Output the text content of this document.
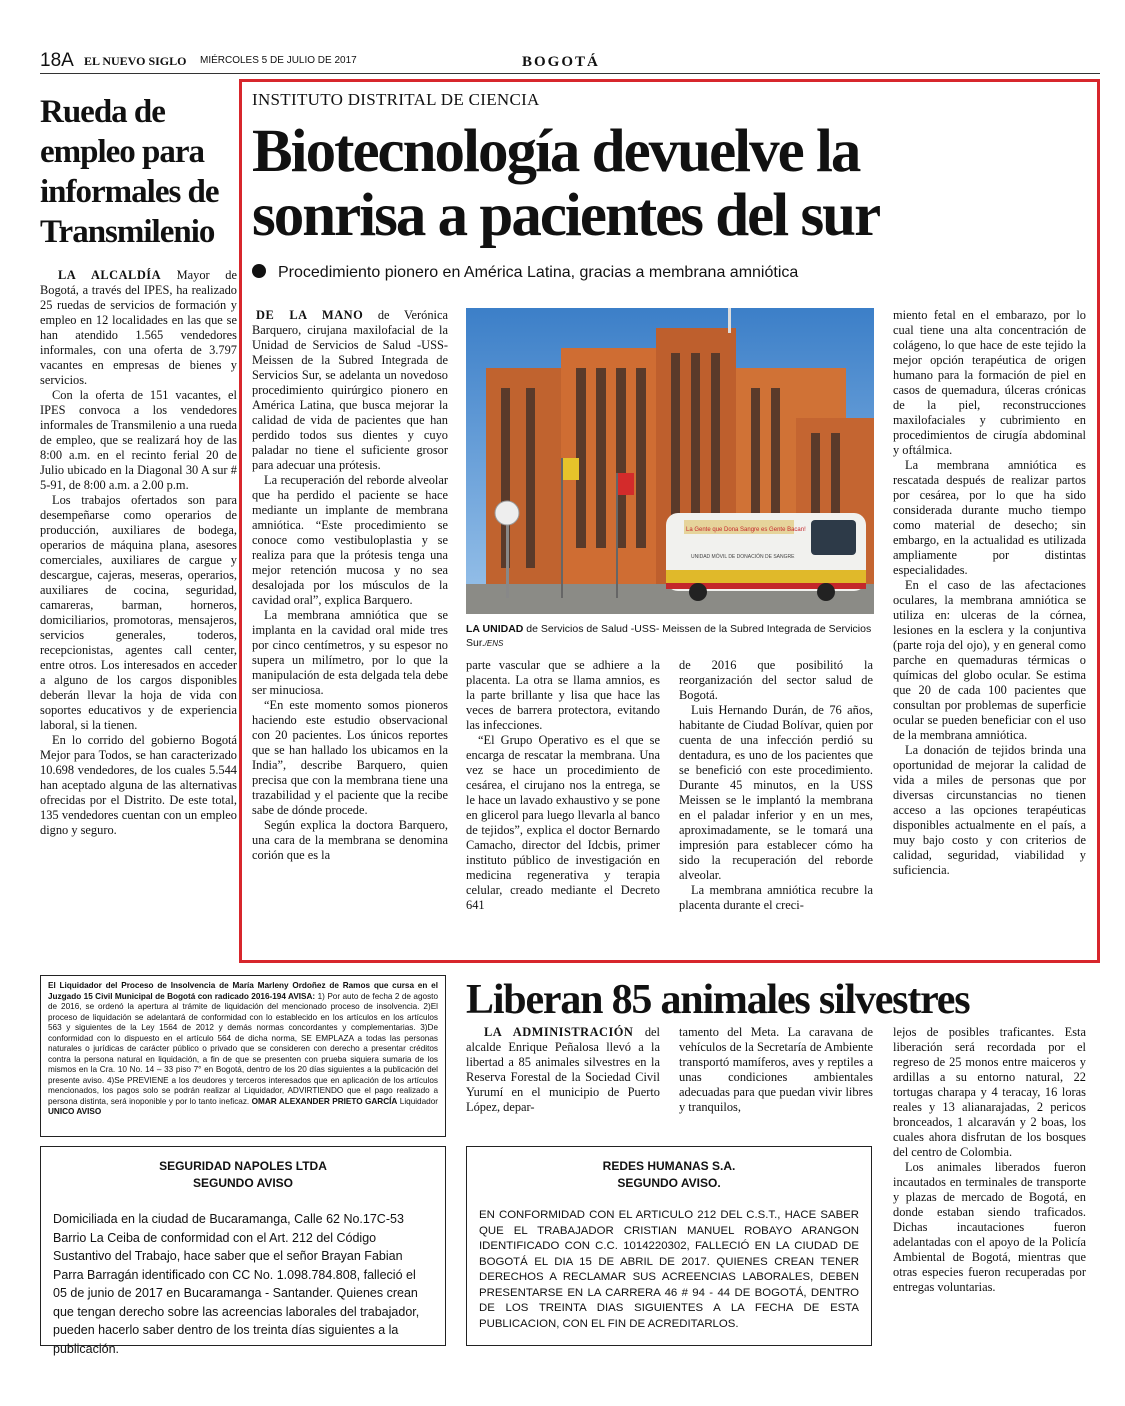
18A EL NUEVO SIGLO MIÉRCOLES 5 DE JULIO DE 2017	BOGOTÁ
Rueda de empleo para informales de Transmilenio

LA ALCALDÍA Mayor de Bogotá, a través del IPES, ha realizado 25 ruedas de servicios de formación y empleo en 12 localidades en las que se han atendido 1.565 vendedores informales, con una oferta de 3.797 vacantes en empresas de bienes y servicios.

Con la oferta de 151 vacantes, el IPES convoca a los vendedores informales de Transmilenio a una rueda de empleo, que se realizará hoy de las 8:00 a.m. en el recinto ferial 20 de Julio ubicado en la Diagonal 30 A sur # 5-91, de 8:00 a.m. a 2.00 p.m.

Los trabajos ofertados son para desempeñarse como operarios de producción, auxiliares de bodega, operarios de máquina plana, asesores comerciales, auxiliares de cargue y descargue, cajeras, meseras, operarios, auxiliares de cocina, seguridad, camareras, barman, horneros, domiciliarios, promotoras, mensajeros, servicios generales, toderos, recepcionistas, agentes call center, entre otros. Los interesados en acceder a alguno de los cargos disponibles deberán llevar la hoja de vida con soportes educativos y de experiencia laboral, si la tienen.

En lo corrido del gobierno Bogotá Mejor para Todos, se han caracterizado 10.698 vendedores, de los cuales 5.544 han aceptado alguna de las alternativas ofrecidas por el Distrito. De este total, 135 vendedores cuentan con un empleo digno y seguro.

INSTITUTO DISTRITAL DE CIENCIA
Biotecnología devuelve la
sonrisa a pacientes del sur
Procedimiento pionero en América Latina, gracias a membrana amniótica

DE LA MANO de Verónica Barquero, cirujana maxilofacial de la Unidad de Servicios de Salud -USS- Meissen de la Subred Integrada de Servicios Sur, se adelanta un novedoso procedimiento quirúrgico pionero en América Latina, que busca mejorar la calidad de vida de pacientes que han perdido todos sus dientes y cuyo paladar no tiene el suficiente grosor para adecuar una prótesis.

La recuperación del reborde alveolar que ha perdido el paciente se hace mediante un implante de membrana amniótica. “Este procedimiento se conoce como vestibuloplastia y se realiza para que la prótesis tenga una mejor retención mucosa y no sea desalojada por los músculos de la cavidad oral”, explica Barquero.

La membrana amniótica que se implanta en la cavidad oral mide tres por cinco centímetros, y su espesor no supera un milímetro, por lo que la manipulación de esta delgada tela debe ser minuciosa.

“En este momento somos pioneros haciendo este estudio observacional con 20 pacientes. Los únicos reportes que se han hallado los ubicamos en la India”, describe Barquero, quien precisa que con la membrana tiene una trazabilidad y el paciente que la recibe sabe de dónde procede.

Según explica la doctora Barquero, una cara de la membrana se denomina corión que es la

La Gente que Dona Sangre es Gente Bacan!
UNIDAD MÓVIL DE DONACIÓN DE SANGRE
LA UNIDAD de Servicios de Salud -USS- Meissen de la Subred Integrada de Servicios Sur./ENS

parte vascular que se adhiere a la placenta. La otra se llama amnios, es la parte brillante y lisa que hace las veces de barrera protectora, evitando las infecciones.

“El Grupo Operativo es el que se encarga de rescatar la membrana. Una vez se hace un procedimiento de cesárea, el cirujano nos la entrega, se le hace un lavado exhaustivo y se pone en glicerol para luego llevarla al banco de tejidos”, explica el doctor Bernardo Camacho, director del Idcbis, primer instituto público de investigación en medicina regenerativa y terapia celular, creado mediante el Decreto 641

de 2016 que posibilitó la reorganización del sector salud de Bogotá.

Luis Hernando Durán, de 76 años, habitante de Ciudad Bolívar, quien por cuenta de una infección perdió su dentadura, es uno de los pacientes que se benefició con este procedimiento. Durante 45 minutos, en la USS Meissen se le implantó la membrana en el paladar inferior y en un mes, aproximadamente, se le tomará una impresión para establecer cómo ha sido la recuperación del reborde alveolar.

La membrana amniótica recubre la placenta durante el creci-

miento fetal en el embarazo, por lo cual tiene una alta concentración de colágeno, lo que hace de este tejido la mejor opción terapéutica de origen humano para la formación de piel en casos de quemadura, úlceras crónicas de la piel, reconstrucciones maxilofaciales y cubrimiento en procedimientos de cirugía abdominal y oftálmica.

La membrana amniótica es rescatada después de realizar partos por cesárea, por lo que ha sido considerada durante mucho tiempo como material de desecho; sin embargo, en la actualidad es utilizada ampliamente por distintas especialidades.

En el caso de las afectaciones oculares, la membrana amniótica se utiliza en: ulceras de la córnea, lesiones en la esclera y la conjuntiva (parte roja del ojo), y en general como parche en quemaduras térmicas o químicas del globo ocular. Se estima que 20 de cada 100 pacientes que consultan por problemas de superficie ocular se pueden beneficiar con el uso de la membrana amniótica.

La donación de tejidos brinda una oportunidad de mejorar la calidad de vida a miles de personas que por diversas circunstancias no tienen acceso a las opciones terapéuticas disponibles actualmente en el país, a muy bajo costo y con criterios de calidad, seguridad, viabilidad y suficiencia.

El Liquidador del Proceso de Insolvencia de María Marleny Ordoñez de Ramos que cursa en el Juzgado 15 Civil Municipal de Bogotá con radicado 2016-194 AVISA: 1) Por auto de fecha 2 de agosto de 2016, se ordenó la apertura al trámite de liquidación del mencionado proceso de insolvencia. 2)El proceso de liquidación se adelantará de conformidad con lo establecido en los artículos en los artículos 563 y siguientes de la Ley 1564 de 2012 y demás normas concordantes y complementarias. 3)De conformidad con lo dispuesto en el artículo 564 de dicha norma, SE EMPLAZA a todas las personas naturales o jurídicas de carácter público o privado que se consideren con derecho a presentar créditos contra la persona natural en liquidación, a fin de que se presenten con prueba siquiera sumaria de los mismos en la Cra. 10 No. 14 – 33 piso 7° en Bogotá, dentro de los 20 días siguientes a la publicación del presente aviso. 4)Se PREVIENE a los deudores y terceros interesados que en aplicación de los artículos mencionados, los pagos solo se podrán realizar al Liquidador, ADVIRTIENDO que el pago realizado a persona distinta, será inoponible y por lo tanto ineficaz. OMAR ALEXANDER PRIETO GARCÍA Liquidador UNICO AVISO
SEGURIDAD NAPOLES LTDA
SEGUNDO AVISO
Domiciliada en la ciudad de Bucaramanga, Calle 62 No.17C-53 Barrio La Ceiba de conformidad con el Art. 212 del Código Sustantivo del Trabajo, hace saber que el señor Brayan Fabian Parra Barragán identificado con CC No. 1.098.784.808, falleció el 05 de junio de 2017 en Bucaramanga - Santander. Quienes crean que tengan derecho sobre las acreencias laborales del trabajador, pueden hacerlo saber dentro de los treinta días siguientes a la publicación.
Liberan 85 animales silvestres

LA ADMINISTRACIÓN del alcalde Enrique Peñalosa llevó a la libertad a 85 animales silvestres en la Reserva Forestal de la Sociedad Civil Yurumí en el municipio de Puerto López, depar-

tamento del Meta. La caravana de vehículos de la Secretaría de Ambiente transportó mamíferos, aves y reptiles a unas condiciones ambientales adecuadas para que puedan vivir libres y tranquilos,

lejos de posibles traficantes. Esta liberación será recordada por el regreso de 25 monos entre maiceros y ardillas a su entorno natural, 22 tortugas charapa y 4 teracay, 16 loras reales y 13 alianarajadas, 2 pericos bronceados, 1 alcaraván y 2 boas, los cuales ahora disfrutan de los bosques del centro de Colombia.

Los animales liberados fueron incautados en terminales de transporte y plazas de mercado de Bogotá, en donde estaban siendo traficados. Dichas incautaciones fueron adelantadas con el apoyo de la Policía Ambiental de Bogotá, mientras que otras especies fueron recuperadas por entregas voluntarias.

REDES HUMANAS S.A.
SEGUNDO AVISO.
EN CONFORMIDAD CON EL ARTICULO 212 DEL C.S.T., HACE SABER QUE EL TRABAJADOR CRISTIAN MANUEL ROBAYO ARANGON IDENTIFICADO CON C.C. 1014220302, FALLECIÓ EN LA CIUDAD DE BOGOTÁ EL DIA 15 DE ABRIL DE 2017. QUIENES CREAN TENER DERECHOS A RECLAMAR SUS ACREENCIAS LABORALES, DEBEN PRESENTARSE EN LA CARRERA 46 # 94 - 44 DE BOGOTÁ, DENTRO DE LOS TREINTA DIAS SIGUIENTES A LA FECHA DE ESTA PUBLICACION, CON EL FIN DE ACREDITARLOS.
